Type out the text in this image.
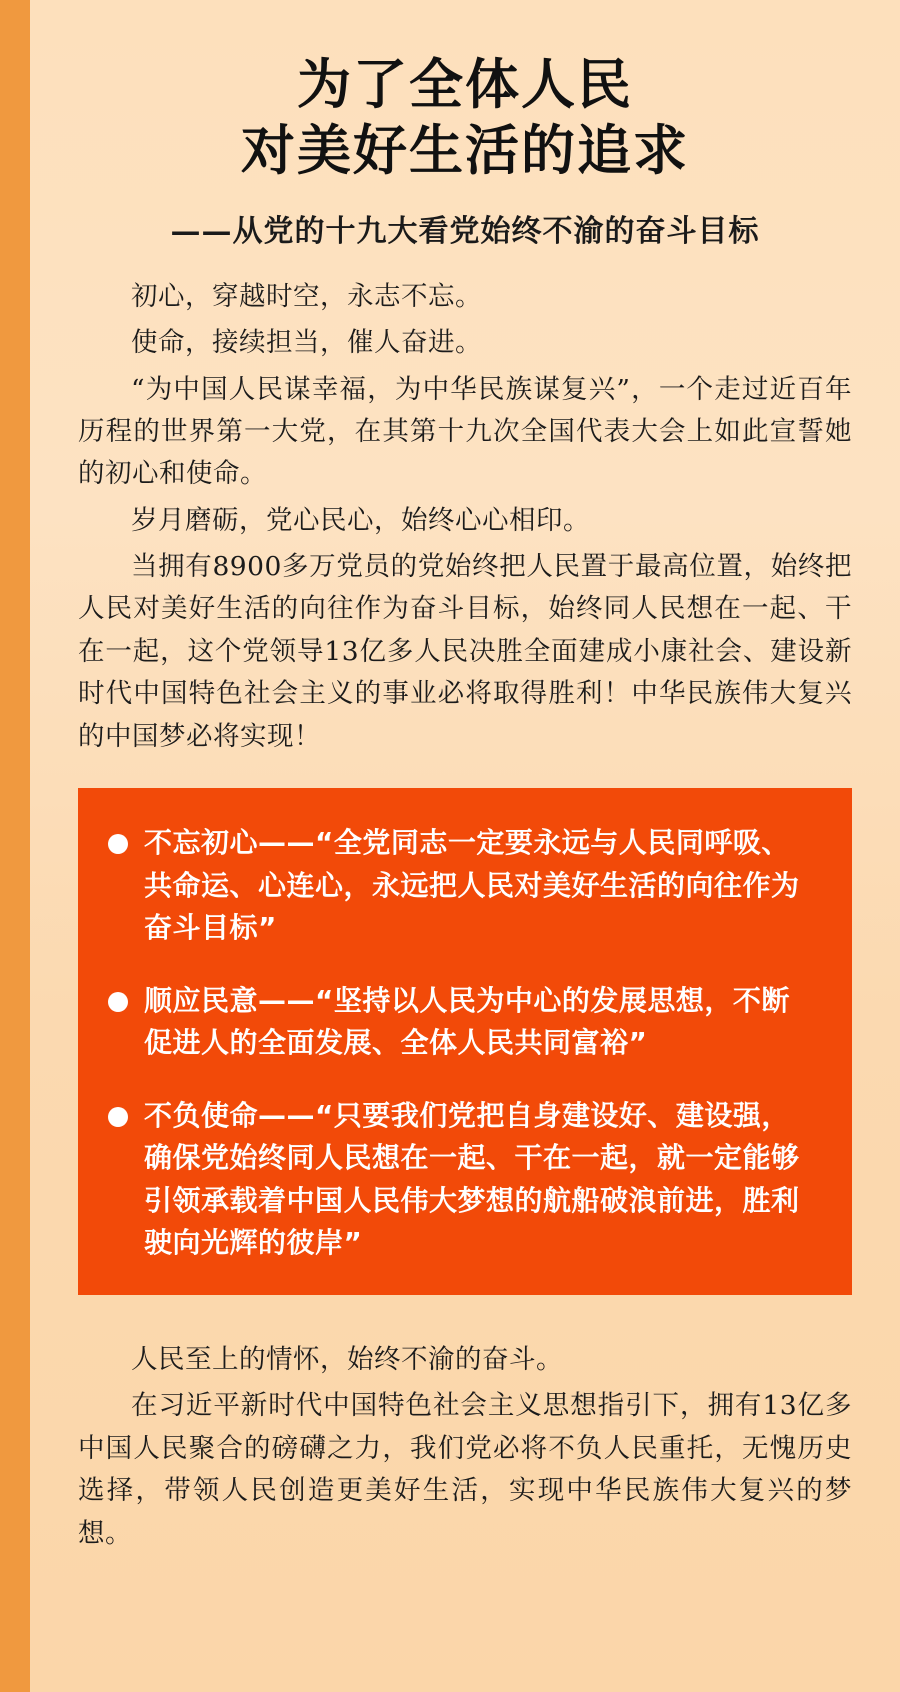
为了全体人民
对美好生活的追求
——从党的十九大看党始终不渝的奋斗目标

初心，穿越时空，永志不忘。

使命，接续担当，催人奋进。

“为中国人民谋幸福，为中华民族谋复兴”，一个走过近百年历程的世界第一大党，在其第十九次全国代表大会上如此宣誓她的初心和使命。

岁月磨砺，党心民心，始终心心相印。

当拥有8900多万党员的党始终把人民置于最高位置，始终把人民对美好生活的向往作为奋斗目标，始终同人民想在一起、干在一起，这个党领导13亿多人民决胜全面建成小康社会、建设新时代中国特色社会主义的事业必将取得胜利！中华民族伟大复兴的中国梦必将实现！

不忘初心——“全党同志一定要永远与人民同呼吸、共命运、心连心，永远把人民对美好生活的向往作为奋斗目标”
顺应民意——“坚持以人民为中心的发展思想，不断促进人的全面发展、全体人民共同富裕”
不负使命——“只要我们党把自身建设好、建设强，确保党始终同人民想在一起、干在一起，就一定能够引领承载着中国人民伟大梦想的航船破浪前进，胜利驶向光辉的彼岸”

人民至上的情怀，始终不渝的奋斗。

在习近平新时代中国特色社会主义思想指引下，拥有13亿多中国人民聚合的磅礴之力，我们党必将不负人民重托，无愧历史选择，带领人民创造更美好生活，实现中华民族伟大复兴的梦想。
